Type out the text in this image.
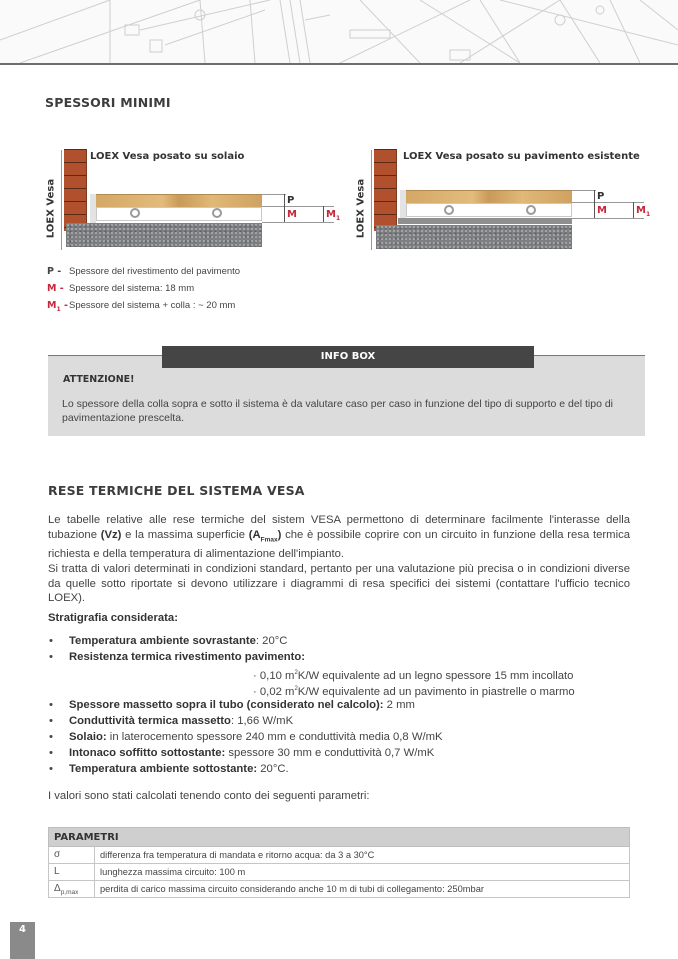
SPESSORI MINIMI
LOEX Vesa
LOEX Vesa posato su solaio
P
M	$M_1$ LOEX Vesa
LOEX Vesa posato su pavimento esistente
P
M	$M_1$
P - Spessore del rivestimento del pavimento
M - Spessore del sistema: 18 mm
$M_1$ -Spessore del sistema + colla : ~ 20 mm
INFO BOX
ATTENZIONE!
Lo spessore della colla sopra e sotto il sistema è da valutare caso per caso in funzione del tipo di supporto e del tipo di pavimentazione prescelta.
RESE TERMICHE DEL SISTEMA VESA
Le tabelle relative alle rese termiche del sistem VESA permettono di determinare facilmente l'interasse della tubazione (Vz) e la massima superficie $(A_{Fmax})$ che è possibile coprire con un circuito in funzione della resa termica richiesta e della temperatura di alimentazione dell'impianto.
Si tratta di valori determinati in condizioni standard, pertanto per una valutazione più precisa o in condizioni diverse da quelle sotto riportate si devono utilizzare i diagrammi di resa specifici dei sistemi (contattare l'ufficio tecnico LOEX).
Stratigrafia considerata:
• Temperatura ambiente sovrastante: 20°C
• Resistenza termica rivestimento pavimento:
· 0,10 $m^2K/W$ equivalente ad un legno spessore 15 mm incollato
· 0,02 $m^2K/W$ equivalente ad un pavimento in piastrelle o marmo
• Spessore massetto sopra il tubo (considerato nel calcolo): 2 mm
• Conduttività termica massetto: 1,66 W/mK
• Solaio: in laterocemento spessore 240 mm e conduttività media 0,8 W/mK
• Intonaco soffitto sottostante: spessore 30 mm e conduttività 0,7 W/mK
• Temperatura ambiente sottostante: 20°C.
I valori sono stati calcolati tenendo conto dei seguenti parametri:
PARAMETRI	
σ	differenza fra temperatura di mandata e ritorno acqua: da 3 a 30°C
L	lunghezza massima circuito: 100 m
$\Delta_{p,max}$	perdita di carico massima circuito considerando anche 10 m di tubi di collegamento: 250mbar
4
